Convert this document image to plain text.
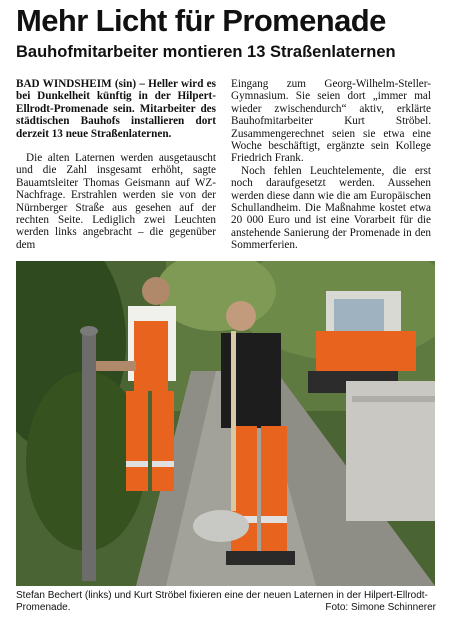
Mehr Licht für Promenade
Bauhofmitarbeiter montieren 13 Straßenlaternen

BAD WINDSHEIM (sin) – Heller wird es bei Dunkelheit künftig in der Hilpert-Ellrodt-Promenade sein. Mitarbeiter des städtischen Bauhofs installieren dort derzeit 13 neue Straßenlaternen.

Die alten Laternen werden ausgetauscht und die Zahl insgesamt erhöht, sagte Bauamtsleiter Thomas Geismann auf WZ-Nachfrage. Erstrahlen werden sie von der Nürnberger Straße aus gesehen auf der rechten Seite. Lediglich zwei Leuchten werden links angebracht – die gegenüber dem

Eingang zum Georg-Wilhelm-Steller-Gymnasium. Sie seien dort „immer mal wieder zwischendurch“ aktiv, erklärte Bauhofmitarbeiter Kurt Ströbel. Zusammengerechnet seien sie etwa eine Woche beschäftigt, ergänzte sein Kollege Friedrich Frank.

Noch fehlen Leuchtelemente, die erst noch daraufgesetzt werden. Aussehen werden diese dann wie die am Europäischen Schullandheim. Die Maßnahme kostet etwa 20 000 Euro und ist eine Vorarbeit für die anstehende Sanierung der Promenade in den Sommerferien.

Stefan Bechert (links) und Kurt Ströbel fixieren eine der neuen Laternen in der Hilpert-Ellrodt-Promenade.	Foto: Simone Schinnerer
